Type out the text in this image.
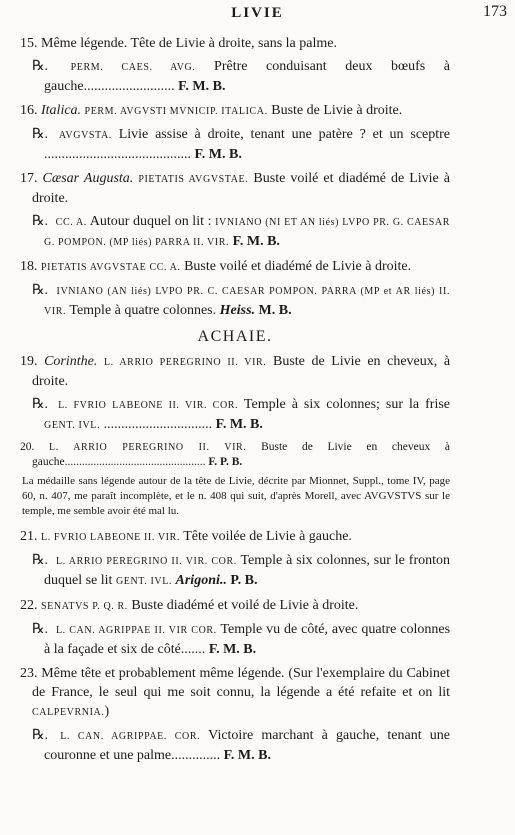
LIVIE	173

15. Même légende. Tête de Livie à droite, sans la palme.

℞. PERM. CAES. AVG. Prêtre conduisant deux bœufs à gauche.......................... F. M. B.

16. Italica. PERM. AVGVSTI MVNICIP. ITALICA. Buste de Livie à droite.

℞. AVGVSTA. Livie assise à droite, tenant une patère ? et un sceptre .......................................... F. M. B.

17. Cæsar Augusta. PIETATIS AVGVSTAE. Buste voilé et diadémé de Livie à droite.

℞. CC. A. Autour duquel on lit : IVNIANO (NI ET AN liés) LVPO PR. G. CAESAR G. POMPON. (MP liés) PARRA II. VIR. F. M. B.

18. PIETATIS AVGVSTAE CC. A. Buste voilé et diadémé de Livie à droite.

℞. IVNIANO (AN liés) LVPO PR. C. CAESAR POMPON. PARRA (MP et AR liés) II. VIR. Temple à quatre colonnes. Heiss. M. B.

ACHAIE.

19. Corinthe. L. ARRIO PEREGRINO II. VIR. Buste de Livie en cheveux, à droite.

℞. L. FVRIO LABEONE II. VIR. COR. Temple à six colonnes; sur la frise GENT. IVL. ............................... F. M. B.

20. L. ARRIO PEREGRINO II. VIR. Buste de Livie en cheveux à gauche................................................. F. P. B.

La médaille sans légende autour de la tête de Livie, décrite par Mionnet, Suppl., tome IV, page 60, n. 407, me paraît incomplète, et le n. 408 qui suit, d'après Morell, avec AVGVSTVS sur le temple, me semble avoir été mal lu.

21. L. FVRIO LABEONE II. VIR. Tête voilée de Livie à gauche.

℞. L. ARRIO PEREGRINO II. VIR. COR. Temple à six colonnes, sur le fronton duquel se lit GENT. IVL. Arigoni.. P. B.

22. SENATVS P. Q. R. Buste diadémé et voilé de Livie à droite.

℞. L. CAN. AGRIPPAE II. VIR COR. Temple vu de côté, avec quatre colonnes à la façade et six de côté....... F. M. B.

23. Même tête et probablement même légende. (Sur l'exemplaire du Cabinet de France, le seul qui me soit connu, la légende a été refaite et on lit CALPEVRNIA.)

℞. L. CAN. AGRIPPAE. COR. Victoire marchant à gauche, tenant une couronne et une palme.............. F. M. B.
